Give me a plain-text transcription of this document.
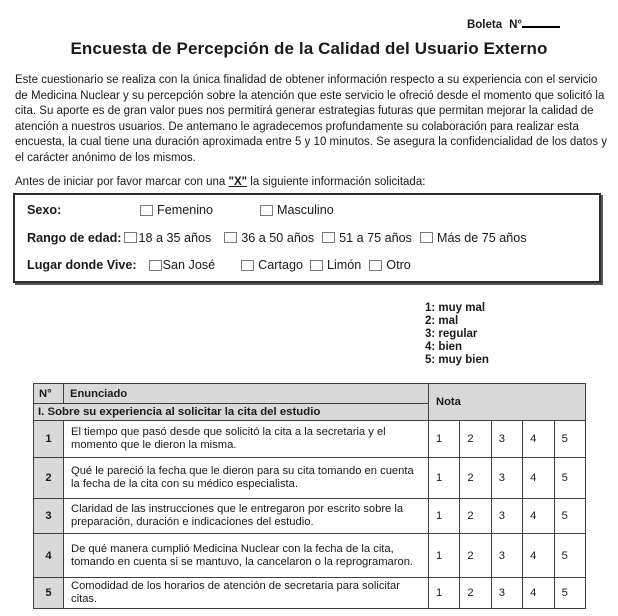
Boleta N°
Encuesta de Percepción de la Calidad del Usuario Externo
Este cuestionario se realiza con la única finalidad de obtener información respecto a su experiencia con el servicio de Medicina Nuclear y su percepción sobre la atención que este servicio le ofreció desde el momento que solicitó la cita. Su aporte es de gran valor pues nos permitirá generar estrategias futuras que permitan mejorar la calidad de atención a nuestros usuarios. De antemano le agradecemos profundamente su colaboración para realizar esta encuesta, la cual tiene una duración aproximada entre 5 y 10 minutos. Se asegura la confidencialidad de los datos y el carácter anónimo de los mismos.
Antes de iniciar por favor marcar con una "X" la siguiente información solicitada:
Sexo:	Femenino	Masculino
Rango de edad: 18 a 35 años 36 a 50 años 51 a 75 años Más de 75 años
Lugar donde Vive: San José	Cartago Limón Otro
1: muy mal
2: mal
3: regular
4: bien
5: muy bien
N°	Enunciado	Nota				
I. Sobre su experiencia al solicitar la cita del estudio						
1	El tiempo que pasó desde que solicitó la cita a la secretaria y el momento que le dieron la misma.	1	2	3	4	5
2	Qué le pareció la fecha que le dieron para su cita tomando en cuenta la fecha de la cita con su médico especialista.	1	2	3	4	5
3	Claridad de las instrucciones que le entregaron por escrito sobre la preparación, duración e indicaciones del estudio.	1	2	3	4	5
4	De qué manera cumplió Medicina Nuclear con la fecha de la cita, tomando en cuenta si se mantuvo, la cancelaron o la reprogramaron.	1	2	3	4	5
5	Comodidad de los horarios de atención de secretaria para solicitar citas.	1	2	3	4	5
